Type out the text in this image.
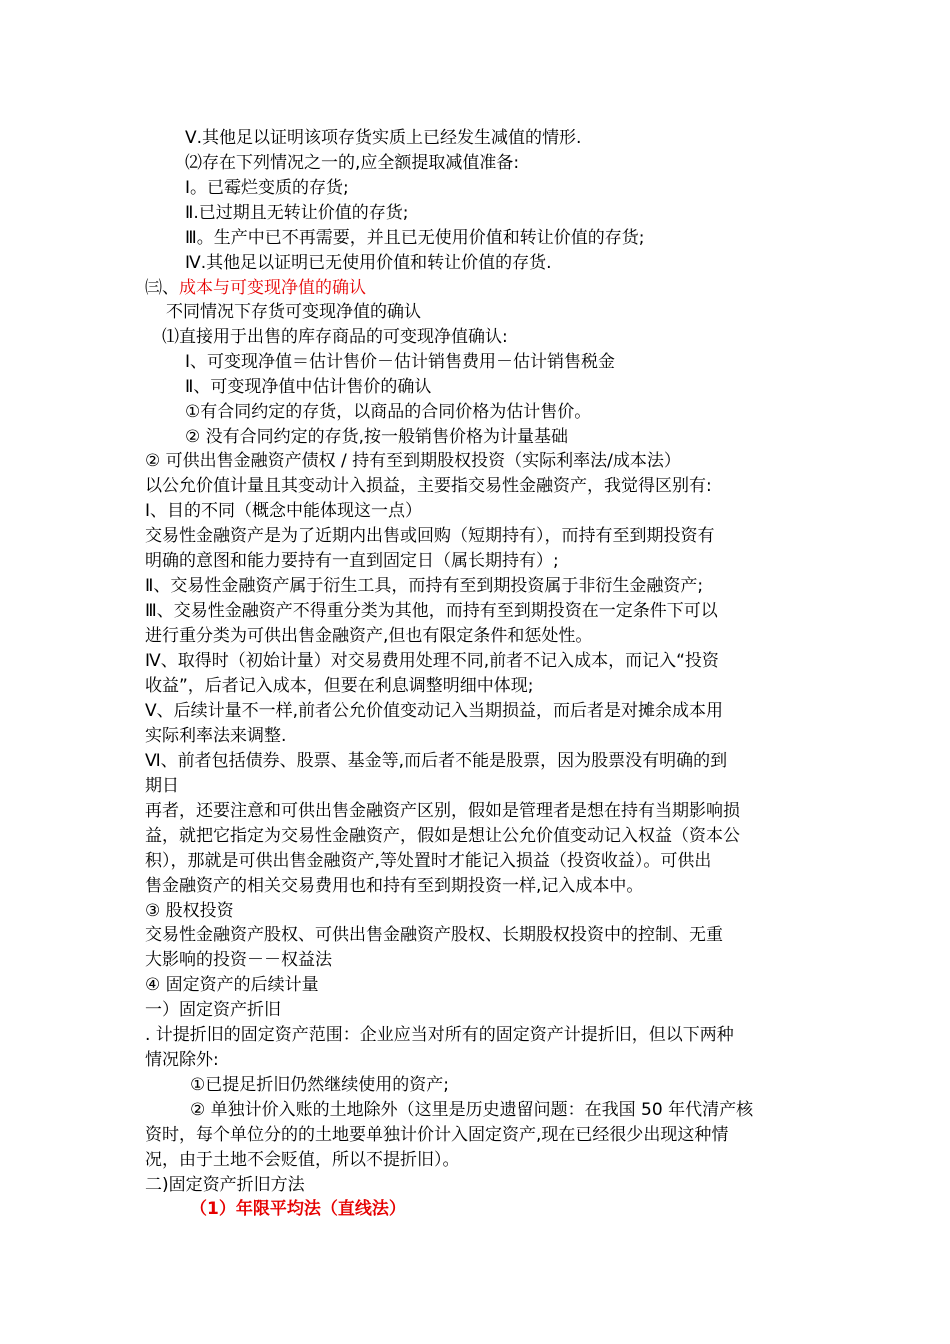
Ⅴ.其他足以证明该项存货实质上已经发生减值的情形.
⑵存在下列情况之一的,应全额提取减值准备:
Ⅰ。已霉烂变质的存货;
Ⅱ.已过期且无转让价值的存货;
Ⅲ。生产中已不再需要，并且已无使用价值和转让价值的存货;
Ⅳ.其他足以证明已无使用价值和转让价值的存货.
㈢、成本与可变现净值的确认
不同情况下存货可变现净值的确认
⑴直接用于出售的库存商品的可变现净值确认:
Ⅰ、可变现净值＝估计售价－估计销售费用－估计销售税金
Ⅱ、可变现净值中估计售价的确认
①有合同约定的存货，以商品的合同价格为估计售价。
② 没有合同约定的存货,按一般销售价格为计量基础
② 可供出售金融资产债权 / 持有至到期股权投资（实际利率法/成本法）
以公允价值计量且其变动计入损益，主要指交易性金融资产，我觉得区别有:
Ⅰ、目的不同（概念中能体现这一点）
交易性金融资产是为了近期内出售或回购（短期持有），而持有至到期投资有
明确的意图和能力要持有一直到固定日（属长期持有）;
Ⅱ、交易性金融资产属于衍生工具，而持有至到期投资属于非衍生金融资产;
Ⅲ、交易性金融资产不得重分类为其他，而持有至到期投资在一定条件下可以
进行重分类为可供出售金融资产,但也有限定条件和惩处性。
Ⅳ、取得时（初始计量）对交易费用处理不同,前者不记入成本，而记入“投资
收益”，后者记入成本，但要在利息调整明细中体现;
Ⅴ、后续计量不一样,前者公允价值变动记入当期损益，而后者是对摊余成本用
实际利率法来调整.
Ⅵ、前者包括债券、股票、基金等,而后者不能是股票，因为股票没有明确的到
期日
再者，还要注意和可供出售金融资产区别，假如是管理者是想在持有当期影响损
益，就把它指定为交易性金融资产，假如是想让公允价值变动记入权益（资本公
积），那就是可供出售金融资产,等处置时才能记入损益（投资收益）。可供出
售金融资产的相关交易费用也和持有至到期投资一样,记入成本中。
③ 股权投资
交易性金融资产股权、可供出售金融资产股权、长期股权投资中的控制、无重
大影响的投资－－权益法
④ 固定资产的后续计量
一）固定资产折旧
. 计提折旧的固定资产范围：企业应当对所有的固定资产计提折旧，但以下两种
情况除外:
①已提足折旧仍然继续使用的资产;
② 单独计价入账的土地除外（这里是历史遗留问题：在我国 50 年代清产核
资时，每个单位分的的土地要单独计价计入固定资产,现在已经很少出现这种情
况，由于土地不会贬值，所以不提折旧）。
二)固定资产折旧方法
（1）年限平均法（直线法）
